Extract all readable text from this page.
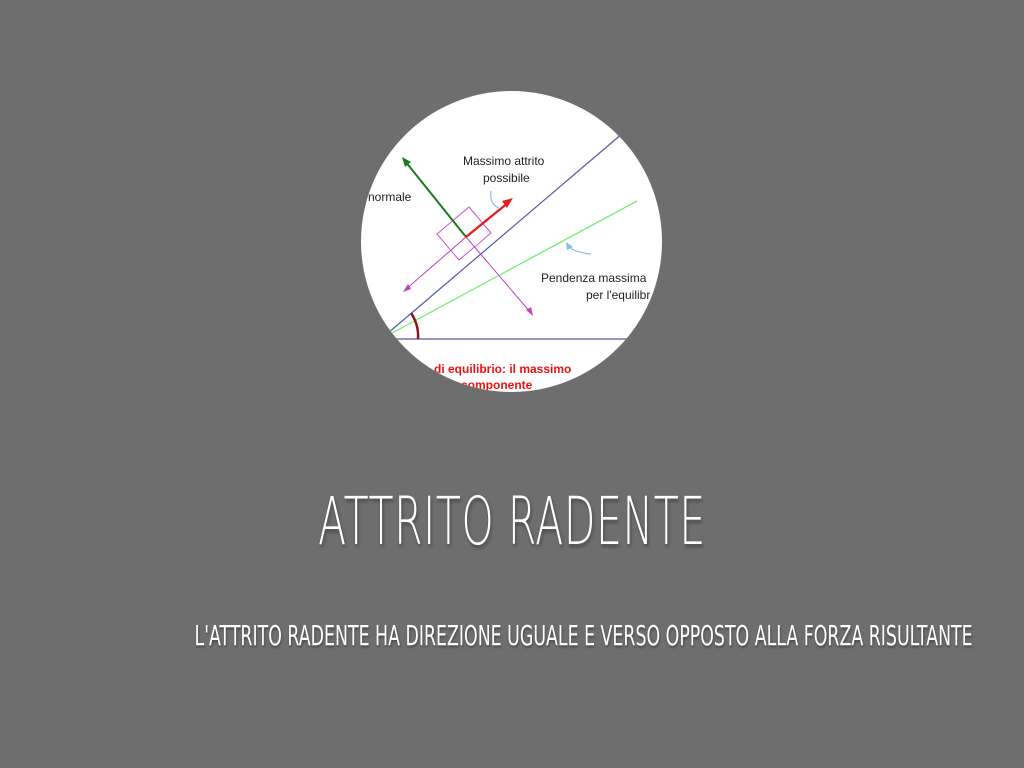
Massimo attrito
possibile
normale
Pendenza massima
per l'equilibr
di equilibrio: il massimo
componente
ATTRITO RADENTE
L'ATTRITO RADENTE HA DIREZIONE UGUALE E VERSO OPPOSTO ALLA FORZA RISULTANTE
